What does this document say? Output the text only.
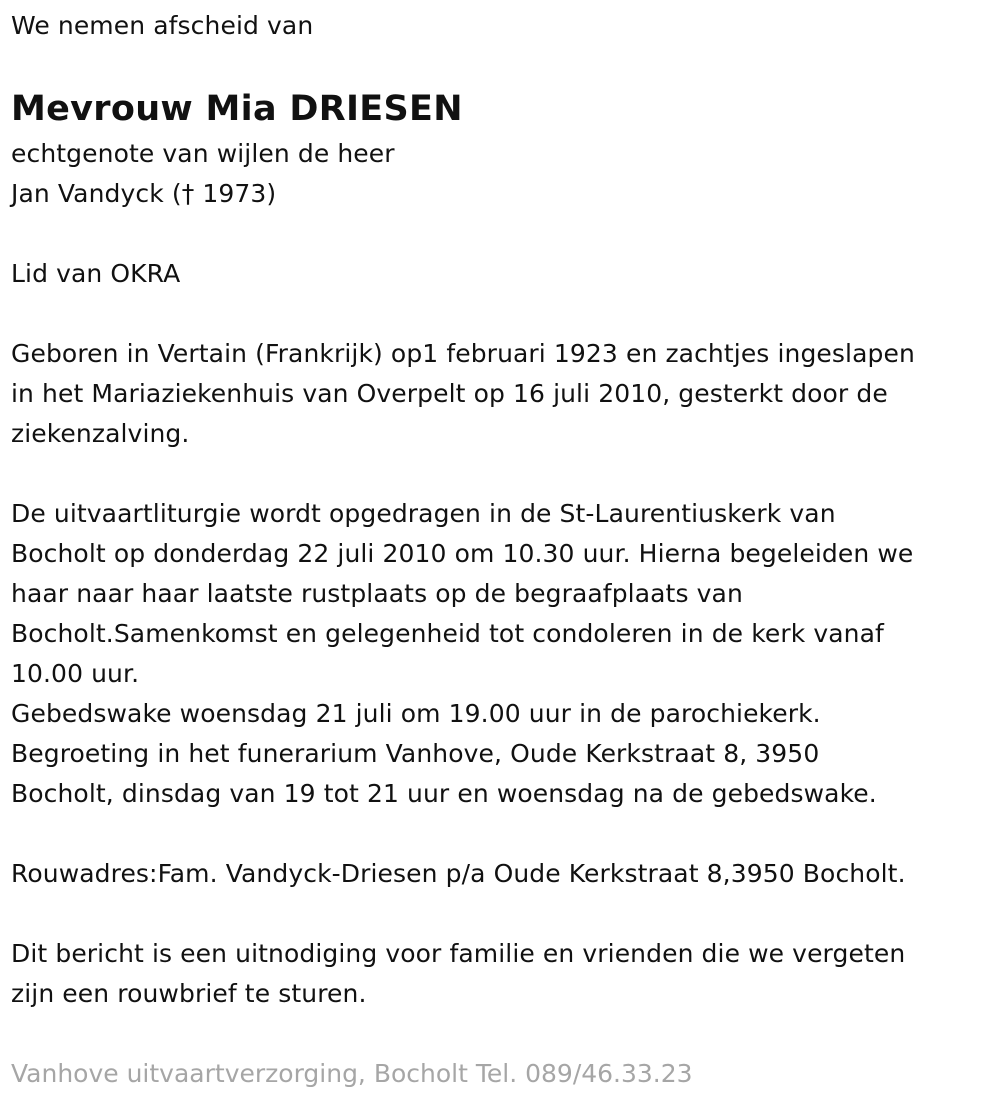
We nemen afscheid van
Mevrouw Mia DRIESEN
echtgenote van wijlen de heer
Jan Vandyck († 1973)
Lid van OKRA
Geboren in Vertain (Frankrijk) op1 februari 1923 en zachtjes ingeslapen
in het Mariaziekenhuis van Overpelt op 16 juli 2010, gesterkt door de
ziekenzalving.
De uitvaartliturgie wordt opgedragen in de St-Laurentiuskerk van
Bocholt op donderdag 22 juli 2010 om 10.30 uur. Hierna begeleiden we
haar naar haar laatste rustplaats op de begraafplaats van
Bocholt.Samenkomst en gelegenheid tot condoleren in de kerk vanaf
10.00 uur.
Gebedswake woensdag 21 juli om 19.00 uur in de parochiekerk.
Begroeting in het funerarium Vanhove, Oude Kerkstraat 8, 3950
Bocholt, dinsdag van 19 tot 21 uur en woensdag na de gebedswake.
Rouwadres:Fam. Vandyck-Driesen p/a Oude Kerkstraat 8,3950 Bocholt.
Dit bericht is een uitnodiging voor familie en vrienden die we vergeten
zijn een rouwbrief te sturen.
Vanhove uitvaartverzorging, Bocholt Tel. 089/46.33.23
